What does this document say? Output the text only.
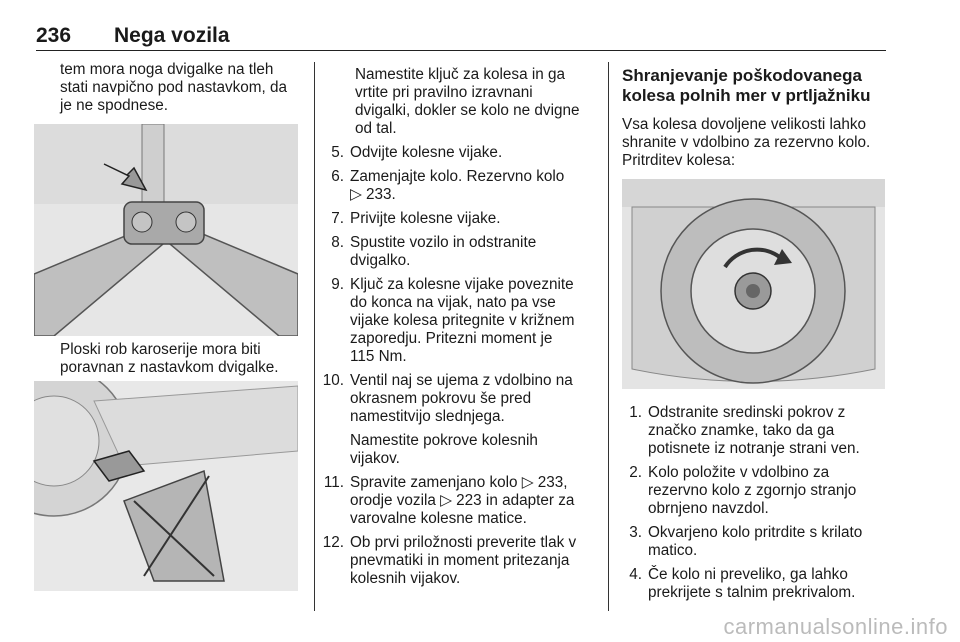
236 Nega vozila

tem mora noga dvigalke na tleh
stati navpično pod nastavkom, da
je ne spodnese.

Ploski rob karoserije mora biti
poravnan z nastavkom dvigalke.

Namestite ključ za kolesa in ga
vrtite pri pravilno izravnani
dvigalki, dokler se kolo ne dvigne
od tal.

5. Odvijte kolesne vijake.
6. Zamenjajte kolo. Rezervno kolo
▷ 233.
7. Privijte kolesne vijake.
8. Spustite vozilo in odstranite
dvigalko.
9. Ključ za kolesne vijake poveznite
do konca na vijak, nato pa vse
vijake kolesa pritegnite v križnem
zaporedju. Pritezni moment je
115 Nm.
10. Ventil naj se ujema z vdolbino na
okrasnem pokrovu še pred
namestitvijo slednjega.

Namestite pokrove kolesnih
vijakov.

11. Spravite zamenjano kolo ▷ 233,
orodje vozila ▷ 223 in adapter za
varovalne kolesne matice.
12. Ob prvi priložnosti preverite tlak v
pnevmatiki in moment pritezanja
kolesnih vijakov.
Shranjevanje poškodovanega
kolesa polnih mer v prtljažniku

Vsa kolesa dovoljene velikosti lahko
shranite v vdolbino za rezervno kolo.
Pritrditev kolesa:

1. Odstranite sredinski pokrov z
značko znamke, tako da ga
potisnete iz notranje strani ven.
2. Kolo položite v vdolbino za
rezervno kolo z zgornjo stranjo
obrnjeno navzdol.
3. Okvarjeno kolo pritrdite s krilato
matico.
4. Če kolo ni preveliko, ga lahko
prekrijete s talnim prekrivalom.
carmanualsonline.info
